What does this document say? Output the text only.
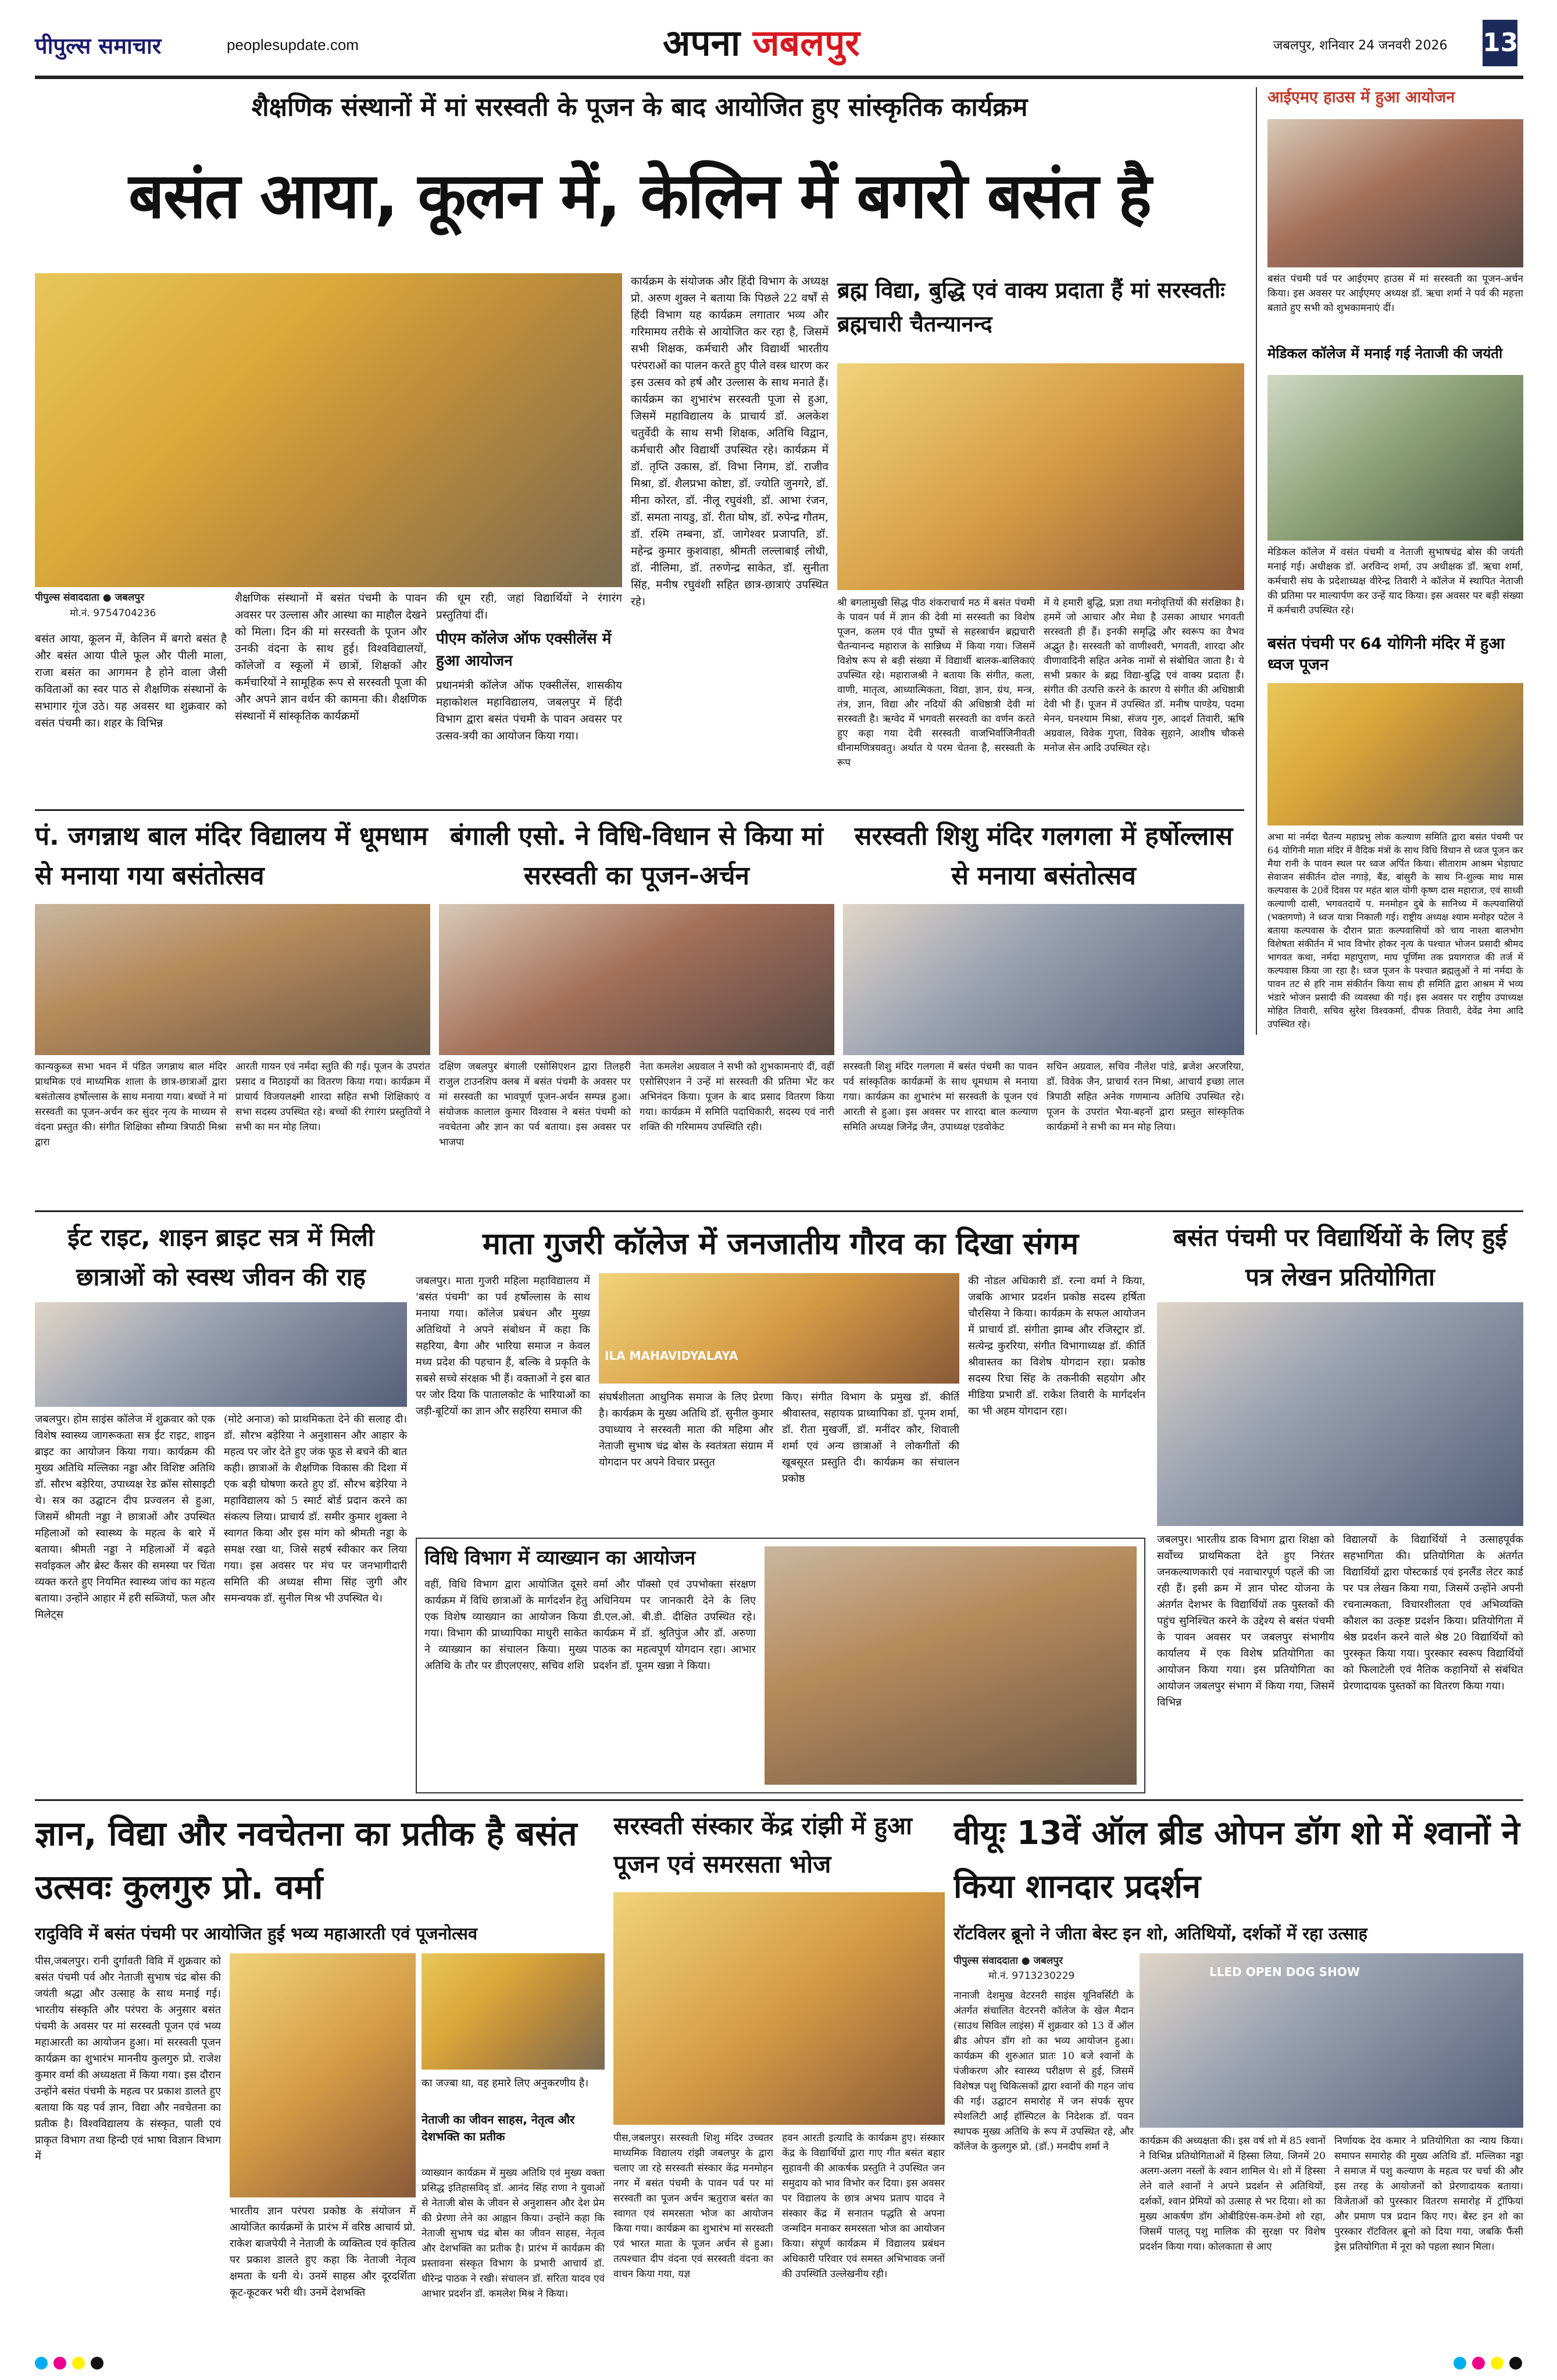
पीपुल्स समाचार	peoplesupdate.com	अपना जबलपुर	जबलपुर, शनिवार 24 जनवरी 2026 13
शैक्षणिक संस्थानों में मां सरस्वती के पूजन के बाद आयोजित हुए सांस्कृतिक कार्यक्रम
बसंत आया, कूलन में, केलिन में बगरो बसंत है
पीपुल्स संवाददाता ● जबलपुर
मो.नं. 9754704236
बसंत आया, कूलन में, केलिन में बगरो बसंत है और बसंत आया पीले फूल और पीली माला, राजा बसंत का आगमन है होने वाला जैसी कविताओं का स्वर पाठ से शैक्षणिक संस्थानों के सभागार गूंज उठे। यह अवसर था शुक्रवार को वसंत पंचमी का। शहर के विभिन्न
शैक्षणिक संस्थानों में बसंत पंचमी के पावन अवसर पर उल्लास और आस्था का माहौल देखने को मिला। दिन की मां सरस्वती के पूजन और उनकी वंदना के साथ हुई। विश्वविद्यालयों, कॉलेजों व स्कूलों में छात्रों, शिक्षकों और कर्मचारियों ने सामूहिक रूप से सरस्वती पूजा की और अपने ज्ञान वर्धन की कामना की। शैक्षणिक संस्थानों में सांस्कृतिक कार्यक्रमों
की धूम रही, जहां विद्यार्थियों ने रंगारंग प्रस्तुतियां दीं।
पीएम कॉलेज ऑफ एक्सीलेंस में हुआ आयोजन
प्रधानमंत्री कॉलेज ऑफ एक्सीलेंस, शासकीय महाकोशल महाविद्यालय, जबलपुर में हिंदी विभाग द्वारा बसंत पंचमी के पावन अवसर पर उत्सव-त्रयी का आयोजन किया गया।
कार्यक्रम के संयोजक और हिंदी विभाग के अध्यक्ष प्रो. अरुण शुक्ल ने बताया कि पिछले 22 वर्षों से हिंदी विभाग यह कार्यक्रम लगातार भव्य और गरिमामय तरीके से आयोजित कर रहा है, जिसमें सभी शिक्षक, कर्मचारी और विद्यार्थी भारतीय परंपराओं का पालन करते हुए पीले वस्त्र धारण कर इस उत्सव को हर्ष और उल्लास के साथ मनाते हैं। कार्यक्रम का शुभारंभ सरस्वती पूजा से हुआ, जिसमें महाविद्यालय के प्राचार्य डॉ. अलकेश चतुर्वेदी के साथ सभी शिक्षक, अतिथि विद्वान, कर्मचारी और विद्यार्थी उपस्थित रहे। कार्यक्रम में डॉ. तृप्ति उकास, डॉ. विभा निगम, डॉ. राजीव मिश्रा, डॉ. शैलप्रभा कोष्टा, डॉ. ज्योति जुनगरे, डॉ. मीना कोरत, डॉ. नीलू रघुवंशी, डॉ. आभा रंजन, डॉ. समता नायडु, डॉ. रीता घोष, डॉ. रुपेन्द्र गौतम, डॉ. रश्मि तम्बना, डॉ. जागेश्वर प्रजापति, डॉ. महेन्द्र कुमार कुशवाहा, श्रीमती लल्लाबाई लोधी, डॉ. नीलिमा, डॉ. तरुणेन्द्र साकेत, डॉ. सुनीता सिंह, मनीष रघुवंशी सहित छात्र-छात्राएं उपस्थित रहे।
ब्रह्म विद्या, बुद्धि एवं वाक्य प्रदाता हैं मां सरस्वतीः ब्रह्मचारी चैतन्यानन्द
श्री बगलामुखी सिद्ध पीठ शंकराचार्य मठ में बसंत पंचमी के पावन पर्व में ज्ञान की देवी मां सरस्वती का विशेष पूजन, कलम एवं पीत पुष्पों से सहस्त्रार्चन ब्रह्मचारी चैतन्यानन्द महाराज के सान्निध्य में किया गया। जिसमें विशेष रूप से बड़ी संख्या में विद्यार्थी बालक-बालिकाएं उपस्थित रहे। महाराजश्री ने बताया कि संगीत, कला, वाणी, मातृत्व, आध्यात्मिकता, विद्या, ज्ञान, ग्रंथ, मन्त्र, तंत्र, ज्ञान, विद्या और नदियों की अधिष्ठात्री देवी मां सरस्वती है। ऋग्वेद में भगवती सरस्वती का वर्णन करते हुए कहा गया देवी सरस्वती वाजभिर्वाजिनीवती धीनामणित्रयवतु। अर्थात ये परम चेतना है, सरस्वती के रूप
में ये हमारी बुद्धि, प्रज्ञा तथा मनोवृत्तियों की संरक्षिका है। हममें जो आचार और मेधा है उसका आधार भगवती सरस्वती ही हैं। इनकी समृद्धि और स्वरूप का वैभव अद्भुत है। सरस्वती को वाणीश्वरी, भगवती, शारदा और वीणावादिनी सहित अनेक नामों से संबोधित जाता है। ये सभी प्रकार के ब्रह्म विद्या-बुद्धि एवं वाक्य प्रदाता हैं। संगीत की उत्पत्ति करने के कारण ये संगीत की अधिष्ठात्री देवी भी हैं। पूजन में उपस्थित डॉ. मनीष पाण्डेय, पदमा मेनन, घनश्याम मिश्रा, संजय गुरु, आदर्श तिवारी, ऋषि अग्रवाल, विवेक गुप्ता, विवेक सुहाने, आशीष चौकसे मनोज सेन आदि उपस्थित रहे।
आईएमए हाउस में हुआ आयोजन
बसंत पंचमी पर्व पर आईएमए हाउस में मां सरस्वती का पूजन-अर्चन किया। इस अवसर पर आईएमए अध्यक्ष डॉ. ऋचा शर्मा ने पर्व की महत्ता बताते हुए सभी को शुभकामनाएं दीं।
मेडिकल कॉलेज में मनाई गई नेताजी की जयंती
मेडिकल कॉलेज में वसंत पंचमी व नेताजी सुभाषचंद्र बोस की जयंती मनाई गई। अधीक्षक डॉ. अरविन्द शर्मा, उप अधीक्षक डॉ. ऋचा शर्मा, कर्मचारी संघ के प्रदेशाध्यक्ष वीरेन्द्र तिवारी ने कॉलेज में स्थापित नेताजी की प्रतिमा पर माल्यार्पण कर उन्हें याद किया। इस अवसर पर बड़ी संख्या में कर्मचारी उपस्थित रहे।
बसंत पंचमी पर 64 योगिनी मंदिर में हुआ ध्वज पूजन
अभा मां नर्मदा चैतन्य महाप्रभु लोक कल्याण समिति द्वारा बसंत पंचमी पर 64 योगिनी माता मंदिर में वैदिक मंत्रों के साथ विधि विधान से ध्वज पूजन कर मैया रानी के पावन स्थल पर ध्वज अर्पित किया। सीताराम आश्रम भेड़ाघाट सेवाजन संकीर्तन दोल नगाड़े, बैंड, बांसुरी के साथ नि-शुल्क माध मास कल्पवास के 20वें दिवस पर महंत बाल योगी कृष्ण दास महाराज, एवं साध्वी कल्याणी दासी, भगवतदायें प. मनमोहन दुबे के सानिध्य में कल्पवासियों (भक्तगणो) ने ध्वज यात्रा निकाली गई। राष्ट्रीय अध्यक्ष श्याम मनोहर पटेल ने बताया कल्पवास के दौरान प्रातः कल्पवासियों को चाय नाश्ता बालभोग विशेषता संकीर्तन में भाव विभोर होकर नृत्य के पश्चात भोजन प्रसादी श्रीमद भागवत कथा, नर्मदा महापुराण, माघ पूर्णिमा तक प्रयागराज की तर्ज में कल्पवास किया जा रहा है। ध्वज पूजन के पश्चात ब्रह्मलुओं ने मां नर्मदा के पावन तट से हरि नाम संकीर्तन किया साथ ही समिति द्वारा आश्रम में भव्य भंडारे भोजन प्रसादी की व्यवस्था की गई। इस अवसर पर राष्ट्रीय उपाध्यक्ष मोहित तिवारी, सचिव सुरेश विश्वकर्मा, दीपक तिवारी, देवेंद्र नेमा आदि उपस्थित रहे।
पं. जगन्नाथ बाल मंदिर विद्यालय में धूमधाम से मनाया गया बसंतोत्सव
कान्यकुब्ज सभा भवन में पंडित जगन्नाथ बाल मंदिर प्राथमिक एवं माध्यमिक शाला के छात्र-छात्राओं द्वारा बसंतोत्सव हर्षोल्लास के साथ मनाया गया। बच्चों ने मां सरस्वती का पूजन-अर्चन कर सुंदर नृत्य के माध्यम से वंदना प्रस्तुत की। संगीत शिक्षिका सौम्या त्रिपाठी मिश्रा द्वारा
आरती गायन एवं नर्मदा स्तुति की गई। पूजन के उपरांत प्रसाद व मिठाइयों का वितरण किया गया। कार्यक्रम में प्राचार्य विजयलक्ष्मी शारदा सहित सभी शिक्षिकाएं व सभा सदस्य उपस्थित रहे। बच्चों की रंगारंग प्रस्तुतियों ने सभी का मन मोह लिया।
बंगाली एसो. ने विधि-विधान से किया मां सरस्वती का पूजन-अर्चन
दक्षिण जबलपुर बंगाली एसोसिएशन द्वारा तिलहरी राजुल टाउनशिप क्लब में बसंत पंचमी के अवसर पर मां सरस्वती का भावपूर्ण पूजन-अर्चन सम्पन्न हुआ। संयोजक कालाल कुमार विश्वास ने बसंत पंचमी को नवचेतना और ज्ञान का पर्व बताया। इस अवसर पर भाजपा
नेता कमलेश अग्रवाल ने सभी को शुभकामनाएं दीं, वहीं एसोसिएशन ने उन्हें मां सरस्वती की प्रतिमा भेंट कर अभिनंदन किया। पूजन के बाद प्रसाद वितरण किया गया। कार्यक्रम में समिति पदाधिकारी, सदस्य एवं नारी शक्ति की गरिमामय उपस्थिति रही।
सरस्वती शिशु मंदिर गलगला में हर्षोल्लास से मनाया बसंतोत्सव
सरस्वती शिशु मंदिर गलगला में बसंत पंचमी का पावन पर्व सांस्कृतिक कार्यक्रमों के साथ धूमधाम से मनाया गया। कार्यक्रम का शुभारंभ मां सरस्वती के पूजन एवं आरती से हुआ। इस अवसर पर शारदा बाल कल्याण समिति अध्यक्ष जिनेंद्र जैन, उपाध्यक्ष एडवोकेट
सचिन अग्रवाल, सचिव नीलेश पांडे, ब्रजेश अरजरिया, डॉ. विवेक जैन, प्राचार्य रतन मिश्रा, आचार्य इच्छा लाल त्रिपाठी सहित अनेक गणमान्य अतिथि उपस्थित रहे। पूजन के उपरांत भैया-बहनों द्वारा प्रस्तुत सांस्कृतिक कार्यक्रमों ने सभी का मन मोह लिया।
ईट राइट, शाइन ब्राइट सत्र में मिली छात्राओं को स्वस्थ जीवन की राह
जबलपुर। होम साइंस कॉलेज में शुक्रवार को एक विशेष स्वास्थ्य जागरूकता सत्र ईट राइट, शाइन ब्राइट का आयोजन किया गया। कार्यक्रम की मुख्य अतिथि मल्लिका नड्डा और विशिष्ट अतिथि डॉ. सौरभ बड़ेरिया, उपाध्यक्ष रेड क्रॉस सोसाइटी थे। सत्र का उद्घाटन दीप प्रज्वलन से हुआ, जिसमें श्रीमती नड्डा ने छात्राओं और उपस्थित महिलाओं को स्वास्थ्य के महत्व के बारे में बताया। श्रीमती नड्डा ने महिलाओं में बढ़ते सर्वाइकल और ब्रेस्ट कैंसर की समस्या पर चिंता व्यक्त करते हुए नियमित स्वास्थ्य जांच का महत्व बताया। उन्होंने आहार में हरी सब्जियों, फल और मिलेट्स
(मोटे अनाज) को प्राथमिकता देने की सलाह दी। डॉ. सौरभ बड़ेरिया ने अनुशासन और आहार के महत्व पर जोर देते हुए जंक फूड से बचने की बात कही। छात्राओं के शैक्षणिक विकास की दिशा में एक बड़ी घोषणा करते हुए डॉ. सौरभ बड़ेरिया ने महाविद्यालय को 5 स्मार्ट बोर्ड प्रदान करने का संकल्प लिया। प्राचार्य डॉ. समीर कुमार शुक्ला ने स्वागत किया और इस मांग को श्रीमती नड्डा के समक्ष रखा था, जिसे सहर्ष स्वीकार कर लिया गया। इस अवसर पर मंच पर जनभागीदारी समिति की अध्यक्ष सीमा सिंह जुगी और समन्वयक डॉ. सुनील मिश्र भी उपस्थित थे।
माता गुजरी कॉलेज में जनजातीय गौरव का दिखा संगम
जबलपुर। माता गुजरी महिला महाविद्यालय में 'बसंत पंचमी' का पर्व हर्षोल्लास के साथ मनाया गया। कॉलेज प्रबंधन और मुख्य अतिथियों ने अपने संबोधन में कहा कि सहरिया, बैगा और भारिया समाज न केवल मध्य प्रदेश की पहचान हैं, बल्कि वे प्रकृति के सबसे सच्चे संरक्षक भी हैं। वक्ताओं ने इस बात पर जोर दिया कि पातालकोट के भारियाओं का जड़ी-बूटियों का ज्ञान और सहरिया समाज की
ILA MAHAVIDYALAYA
संघर्षशीलता आधुनिक समाज के लिए प्रेरणा है। कार्यक्रम के मुख्य अतिथि डॉ. सुनील कुमार उपाध्याय ने सरस्वती माता की महिमा और नेताजी सुभाष चंद्र बोस के स्वतंत्रता संग्राम में योगदान पर अपने विचार प्रस्तुत
किए। संगीत विभाग के प्रमुख डॉ. कीर्ति श्रीवास्तव, सहायक प्राध्यापिका डॉ. पूनम शर्मा, डॉ. रीता मुखर्जी, डॉ. मनींदर कौर, शिवाली शर्मा एवं अन्य छात्राओं ने लोकगीतों की खूबसूरत प्रस्तुति दी। कार्यक्रम का संचालन प्रकोष्ठ
की नोडल अधिकारी डॉ. रत्ना वर्मा ने किया, जबकि आभार प्रदर्शन प्रकोष्ठ सदस्य हर्षिता चौरसिया ने किया। कार्यक्रम के सफल आयोजन में प्राचार्य डॉ. संगीता झाम्ब और रजिस्ट्रार डॉ. सत्येन्द्र कुररिया, संगीत विभागाध्यक्ष डॉ. कीर्ति श्रीवास्तव का विशेष योगदान रहा। प्रकोष्ठ सदस्य रिचा सिंह के तकनीकी सहयोग और मीडिया प्रभारी डॉ. राकेश तिवारी के मार्गदर्शन का भी अहम योगदान रहा।
विधि विभाग में व्याख्यान का आयोजन
वहीं, विधि विभाग द्वारा आयोजित दूसरे कार्यक्रम में विधि छात्राओं के मार्गदर्शन हेतु एक विशेष व्याख्यान का आयोजन किया गया। विभाग की प्राध्यापिका माधुरी साकेत ने व्याख्यान का संचालन किया। मुख्य अतिथि के तौर पर डीएलएसए, सचिव शशि
वर्मा और पॉक्सो एवं उपभोक्ता संरक्षण अधिनियम पर जानकारी देने के लिए डी.एल.ओ. बी.डी. दीक्षित उपस्थित रहे। कार्यक्रम में डॉ. श्रुतिपुंज और डॉ. अरुणा पाठक का महत्वपूर्ण योगदान रहा। आभार प्रदर्शन डॉ. पूनम खन्ना ने किया।
बसंत पंचमी पर विद्यार्थियों के लिए हुई पत्र लेखन प्रतियोगिता
जबलपुर। भारतीय डाक विभाग द्वारा शिक्षा को सर्वोच्च प्राथमिकता देते हुए निरंतर जनकल्याणकारी एवं नवाचारपूर्ण पहलें की जा रही हैं। इसी क्रम में ज्ञान पोस्ट योजना के अंतर्गत देशभर के विद्यार्थियों तक पुस्तकों की पहुंच सुनिश्चित करने के उद्देश्य से बसंत पंचमी के पावन अवसर पर जबलपुर संभागीय कार्यालय में एक विशेष प्रतियोगिता का आयोजन किया गया। इस प्रतियोगिता का आयोजन जबलपुर संभाग में किया गया, जिसमें विभिन्न
विद्यालयों के विद्यार्थियों ने उत्साहपूर्वक सहभागिता की। प्रतियोगिता के अंतर्गत विद्यार्थियों द्वारा पोस्टकार्ड एवं इनलैंड लेटर कार्ड पर पत्र लेखन किया गया, जिसमें उन्होंने अपनी रचनात्मकता, विचारशीलता एवं अभिव्यक्ति कौशल का उत्कृष्ट प्रदर्शन किया। प्रतियोगिता में श्रेष्ठ प्रदर्शन करने वाले श्रेष्ठ 20 विद्यार्थियों को पुरस्कृत किया गया। पुरस्कार स्वरूप विद्यार्थियों को फिलाटेली एवं नैतिक कहानियों से संबंधित प्रेरणादायक पुस्तकों का वितरण किया गया।
ज्ञान, विद्या और नवचेतना का प्रतीक है बसंत उत्सवः कुलगुरु प्रो. वर्मा
रादुविवि में बसंत पंचमी पर आयोजित हुई भव्य महाआरती एवं पूजनोत्सव
पीस,जबलपुर। रानी दुर्गावती विवि में शुक्रवार को बसंत पंचमी पर्व और नेताजी सुभाष चंद्र बोस की जयंती श्रद्धा और उत्साह के साथ मनाई गई। भारतीय संस्कृति और परंपरा के अनुसार बसंत पंचमी के अवसर पर मां सरस्वती पूजन एवं भव्य महाआरती का आयोजन हुआ। मां सरस्वती पूजन कार्यक्रम का शुभारंभ माननीय कुलगुरु प्रो. राजेश कुमार वर्मा की अध्यक्षता में किया गया। इस दौरान उन्होंने बसंत पंचमी के महत्व पर प्रकाश डालते हुए बताया कि यह पर्व ज्ञान, विद्या और नवचेतना का प्रतीक है। विश्वविद्यालय के संस्कृत, पाली एवं प्राकृत विभाग तथा हिन्दी एवं भाषा विज्ञान विभाग में
भारतीय ज्ञान परंपरा प्रकोष्ठ के संयोजन में आयोजित कार्यक्रमों के प्रारंभ में वरिष्ठ आचार्य प्रो. राकेश बाजपेयी ने नेताजी के व्यक्तित्व एवं कृतित्व पर प्रकाश डालते हुए कहा कि नेताजी नेतृत्व क्षमता के धनी थे। उनमें साहस और दूरदर्शिता कूट-कूटकर भरी थी। उनमें देशभक्ति
का जज्बा था, वह हमारे लिए अनुकरणीय है।
नेताजी का जीवन साहस, नेतृत्व और देशभक्ति का प्रतीक
व्याख्यान कार्यक्रम में मुख्य अतिथि एवं मुख्य वक्ता प्रसिद्ध इतिहासविद् डॉ. आनंद सिंह राणा ने युवाओं से नेताजी बोस के जीवन से अनुशासन और देश प्रेम की प्रेरणा लेने का आह्वान किया। उन्होंने कहा कि नेताजी सुभाष चंद्र बोस का जीवन साहस, नेतृत्व और देशभक्ति का प्रतीक है। प्रारंभ में कार्यक्रम की प्रस्तावना संस्कृत विभाग के प्रभारी आचार्य डॉ. धीरेन्द्र पाठक ने रखी। संचालन डॉ. सरिता यादव एवं आभार प्रदर्शन डॉ. कमलेश मिश्र ने किया।
सरस्वती संस्कार केंद्र रांझी में हुआ पूजन एवं समरसता भोज
पीस,जबलपुर। सरस्वती शिशु मंदिर उच्चतर माध्यमिक विद्यालय रांझी जबलपुर के द्वारा चलाए जा रहे सरस्वती संस्कार केंद्र मनमोहन नगर में बसंत पंचमी के पावन पर्व पर मां सरस्वती का पूजन अर्चन ऋतुराज बसंत का स्वागत एवं समरसता भोज का आयोजन किया गया। कार्यक्रम का शुभारंभ मां सरस्वती एवं भारत माता के पूजन अर्चन से हुआ। तत्पश्चात दीप वंदना एवं सरस्वती वंदना का वाचन किया गया, यज्ञ
हवन आरती इत्यादि के कार्यक्रम हुए। संस्कार केंद्र के विद्यार्थियों द्वारा गाए गीत बसंत बहार सुहावनी की आकर्षक प्रस्तुति ने उपस्थित जन समुदाय को भाव विभोर कर दिया। इस अवसर पर विद्यालय के छात्र अभय प्रताप यादव ने संस्कार केंद्र में सनातन पद्धति से अपना जन्मदिन मनाकर समरसता भोज का आयोजन किया। संपूर्ण कार्यक्रम में विद्यालय प्रबंधन अधिकारी परिवार एवं समस्त अभिभावक जनों की उपस्थिति उल्लेखनीय रही।
वीयूः 13वें ऑल ब्रीड ओपन डॉग शो में श्वानों ने किया शानदार प्रदर्शन
रॉटविलर ब्रूनो ने जीता बेस्ट इन शो, अतिथियों, दर्शकों में रहा उत्साह
पीपुल्स संवाददाता ● जबलपुर
मो.नं. 9713230229	LLED OPEN DOG SHOW
नानाजी देशमुख वेटरनरी साइंस यूनिवर्सिटी के अंतर्गत संचालित वेटरनरी कॉलेज के खेल मैदान (साउथ सिविल लाइंस) में शुक्रवार को 13 वें ऑल ब्रीड ओपन डॉग शो का भव्य आयोजन हुआ। कार्यक्रम की शुरुआत प्रातः 10 बजे श्वानों के पंजीकरण और स्वास्थ्य परीक्षण से हुई, जिसमें विशेषज्ञ पशु चिकित्सकों द्वारा श्वानों की गहन जांच की गई। उद्घाटन समारोह में जन संपर्क सुपर स्पेशलिटी आईं हॉस्पिटल के निदेशक डॉ. पवन स्थापक मुख्य अतिथि के रूप में उपस्थित रहे, और कॉलेज के कुलगुरु प्रो. (डॉ.) मनदीप शर्मा ने	कार्यक्रम की अध्यक्षता की। इस वर्ष शो में 85 श्वानों ने विभिन्न प्रतियोगिताओं में हिस्सा लिया, जिनमें 20 अलग-अलग नस्लों के श्वान शामिल थे। शो में हिस्सा लेने वाले श्वानों ने अपने प्रदर्शन से अतिथियों, दर्शकों, श्वान प्रेमियों को उत्साह से भर दिया। शो का मुख्य आकर्षण डॉग ओबीडिएंस-कम-डेमो शो रहा, जिसमें पालतू पशु मालिक की सुरक्षा पर विशेष प्रदर्शन किया गया। कोलकाता से आए
निर्णायक देव कमार ने प्रतियोगिता का न्याय किया। समापन समारोह की मुख्य अतिथि डॉ. मल्लिका नड्डा ने समाज में पशु कल्याण के महत्व पर चर्चा की और इस तरह के आयोजनों को प्रेरणादायक बताया। विजेताओं को पुरस्कार वितरण समारोह में ट्रॉफियां और प्रमाण पत्र प्रदान किए गए। बेस्ट इन शो का पुरस्कार रॉटविलर ब्रूनो को दिया गया, जबकि फैंसी ड्रेस प्रतियोगिता में नूरा को पहला स्थान मिला।
